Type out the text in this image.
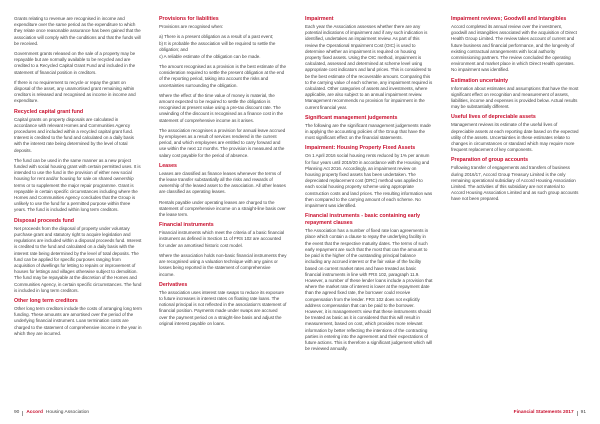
Grants relating to revenue are recognised in income and expenditure over the same period as the expenditure to which they relate once reasonable assurance has been gained that the association will comply with the conditions and that the funds will be received.
Government grants released on the sale of a property may be repayable but are normally available to be recycled and are credited to a Recycled Capital Grant Fund and included in the statement of financial position in creditors.
If there is no requirement to recycle or repay the grant on disposal of the asset, any unamortised grant remaining within creditors is released and recognised as income in income and expenditure.
Recycled capital grant fund
Capital grants on property disposals are calculated in accordance with relevant Homes and Communities Agency procedures and included within a recycled capital grant fund. Interest is credited to the fund and calculated on a daily basis with the interest rate being determined by the level of total deposits.
The fund can be used in the same manner as a new project funded with social housing grant with certain permitted uses. It is intended to use the fund in the provision of either new social housing for rent and/or housing for sale on shared ownership terms or to supplement the major repair programme. Grant is repayable in certain specific circumstances including where the Homes and Communities Agency concludes that the Group is unlikely to use the fund for a permitted purpose within three years. The fund is included within long term creditors.
Disposal proceeds fund
Net proceeds from the disposal of property under voluntary purchase grant and statutory right to acquire legislation and regulations are included within a disposal proceeds fund. Interest is credited to the fund and calculated on a daily basis with the interest rate being determined by the level of total deposits. The fund can be applied for specific purposes ranging from acquisition of dwellings for letting to repairs or improvement of houses for lettings and villages otherwise subject to demolition. The fund may be repayable at the discretion of the Homes and Communities Agency, in certain specific circumstances. The fund is included in long term creditors.
Other long term creditors
Other long term creditors include the costs of arranging long term funding. These amounts are amortised over the period of the underlying financial instrument. Loan termination costs are charged to the statement of comprehensive income in the year in which they are incurred.
Provisions for liabilities
Provisions are recognised when:
a) There is a present obligation as a result of a past event;
b) It is probable the association will be required to settle the obligation; and
c) A reliable estimate of the obligation can be made.
The amount recognised as a provision is the best estimate of the consideration required to settle the present obligation at the end of the reporting period, taking into account the risks and uncertainties surrounding the obligation.
Where the effect of the time value of money is material, the amount expected to be required to settle the obligation is recognised at present value using a pre-tax discount rate. The unwinding of the discount is recognised as a finance cost in the statement of comprehensive income as it arises.
The association recognises a provision for annual leave accrued by employees as a result of services rendered in the current period, and which employees are entitled to carry forward and use within the next 12 months. The provision is measured at the salary cost payable for the period of absence.
Leases
Leases are classified as finance leases whenever the terms of the lease transfer substantially all the risks and rewards of ownership of the leased asset to the association. All other leases are classified as operating leases.
Rentals payable under operating leases are charged to the statement of comprehensive income on a straight-line basis over the lease term.
Financial instruments
Financial instruments which meet the criteria of a basic financial instrument as defined in Section 11 of FRS 102 are accounted for under an amortised historic cost model.
Where the association holds non-basic financial instruments they are recognised using a valuation technique with any gains or losses being reported in the statement of comprehensive income.
Derivatives
The association uses interest rate swaps to reduce its exposure to future increases in interest rates on floating rate loans. The notional principal is not reflected in the association's statement of financial position. Payments made under swaps are accrued over the payment period on a straight-line basis and adjust the original interest payable on loans.
Impairment
Each year the Association assesses whether there are any potential indications of impairment and if any such indication is identified, undertakes an impairment review. As part of this review the Operational Impairment Cost (OIC) is used to determine whether an impairment is required on housing property fixed assets. Using the OIC method, impairment is calculated, assessed and determined at scheme level using appropriate cost indicators and land prices. This is considered to be the best estimate of the recoverable amount. Comparing this to the carrying value of each scheme, any impairment required is calculated. Other categories of assets and investments, where applicable, are also subject to an annual impairment review. Management recommends no provision for impairment in the current financial year.
Significant management judgements
The following are the significant management judgements made in applying the accounting policies of the Group that have the most significant effect on the financial statements.
Impairment: Housing Property Fixed Assets
On 1 April 2016 social housing rents reduced by 1% per annum for four years until 2019/20 in accordance with the Housing and Planning Act 2016. Accordingly, an impairment review on housing property fixed assets has been undertaken. The depreciated replacement cost (DRC) method was applied to each social housing property scheme using appropriate construction costs and land prices. The resulting information was then compared to the carrying amount of each scheme. No impairment was identified.
Financial instruments - basic containing early repayment clauses
The Association has a number of fixed rate loan agreements in place which contain a clause to repay the underlying facility in the event that the respective maturity dates. The terms of such early repayment are such that the most that can the amount to be paid is the higher of the outstanding principal balance including any accrued interest or the fair value of the facility based on current market rates and have treated as basic financial instruments in line with FRS 102, paragraph 11.9. However, a number of these lender loans include a provision that where the market rate of interest is lower at the repayment date than the agreed fixed rate, the borrower could receive compensation from the lender. FRS 102 does not explicitly address compensation that can be paid to the borrower. However, it is management's view that these instruments should be treated as basic as it is considered that this will result in measurement, based on cost, which provides more relevant information by better reflecting the intentions of the contracting parties in entering into the agreement and their expectations of future actions. This is therefore a significant judgement which will be reviewed annually.
Impairment reviews; Goodwill and Intangibles
Accord completed its annual review over the investment, goodwill and intangibles associated with the acquisition of Direct Health Group Limited. The review takes account of current and future business and financial performance, and the longevity of existing contractual arrangements with local authority commissioning partners. The review concluded the operating environment and market place in which Direct Health operates. No impairment was identified.
Estimation uncertainty
Information about estimates and assumptions that have the most significant effect on recognition and measurement of assets, liabilities, income and expenses is provided below. Actual results may be substantially different.
Useful lives of depreciable assets
Management reviews its estimate of the useful lives of depreciable assets at each reporting date based on the expected utility of the assets. Uncertainties in these estimates relate to changes in circumstances or standard which may require more frequent replacement of key components.
Preparation of group accounts
Following transfer of engagements and transfers of business during 2016/17, Accord Group Treasury Limited is the only remaining operational subsidiary of Accord Housing Association Limited. The activities of this subsidiary are not material to Accord Housing Association Limited and as such group accounts have not been prepared.
90 Accord Housing Association	Financial Statements 2017 91
